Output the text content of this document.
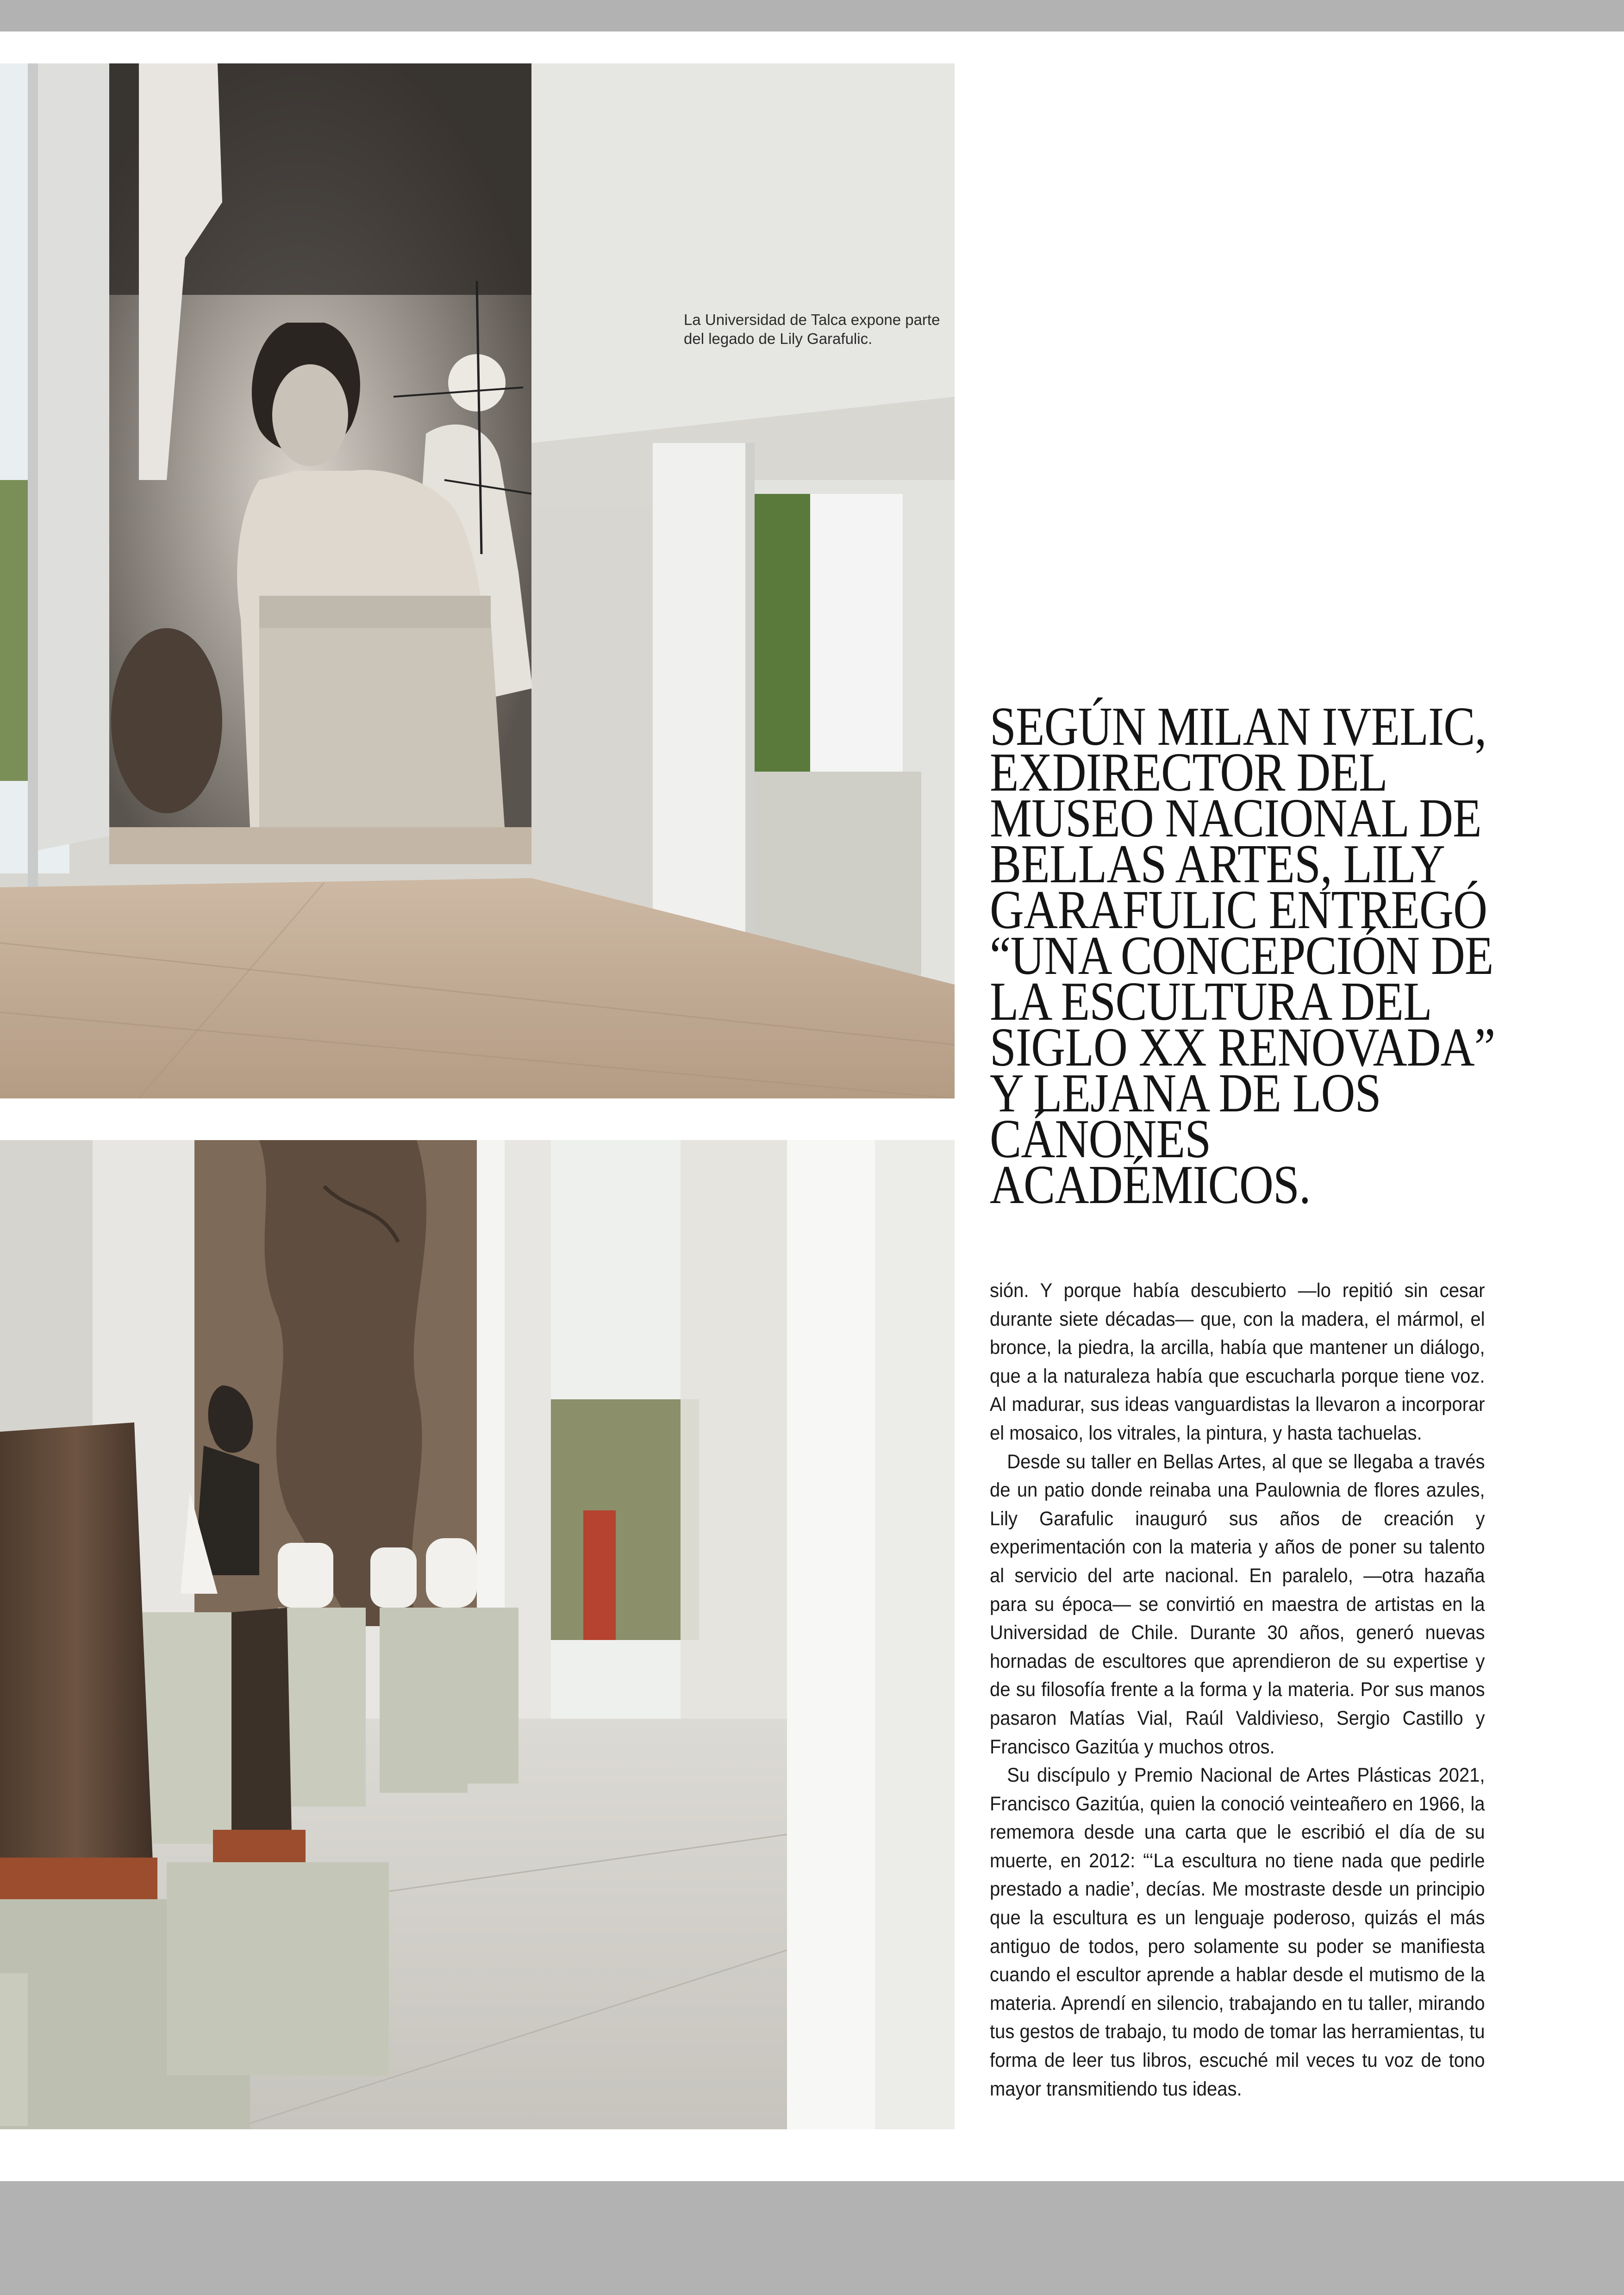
La Universidad de Talca expone parte del legado de Lily Garafulic.
SEGÚN MILAN IVELIC, EXDIRECTOR DEL MUSEO NACIONAL DE BELLAS ARTES, LILY GARAFULIC ENTREGÓ “UNA CONCEPCIÓN DE LA ESCULTURA DEL SIGLO XX RENOVADA” Y LEJANA DE LOS CÁNONES ACADÉMICOS.

sión. Y porque había descubierto —lo repitió sin cesar durante siete décadas— que, con la madera, el mármol, el bronce, la piedra, la arcilla, había que mantener un diálogo, que a la naturaleza había que escucharla porque tiene voz. Al madurar, sus ideas vanguardistas la llevaron a incorporar el mosaico, los vitrales, la pintura, y hasta tachuelas.

Desde su taller en Bellas Artes, al que se llegaba a través de un patio donde reinaba una Paulownia de flores azules, Lily Garafulic inauguró sus años de creación y experimentación con la materia y años de poner su talento al servicio del arte nacional. En paralelo, —otra hazaña para su época— se convirtió en maestra de artistas en la Universidad de Chile. Durante 30 años, generó nuevas hornadas de escultores que aprendieron de su expertise y de su filosofía frente a la forma y la materia. Por sus manos pasaron Matías Vial, Raúl Valdivieso, Sergio Castillo y Francisco Gazitúa y muchos otros.

Su discípulo y Premio Nacional de Artes Plásticas 2021, Francisco Gazitúa, quien la conoció veinteañero en 1966, la rememora desde una carta que le escribió el día de su muerte, en 2012: “‘La escultura no tiene nada que pedirle prestado a nadie’, decías. Me mostraste desde un principio que la escultura es un lenguaje poderoso, quizás el más antiguo de todos, pero solamente su poder se manifiesta cuando el escultor aprende a hablar desde el mutismo de la materia. Aprendí en silencio, trabajando en tu taller, mirando tus gestos de trabajo, tu modo de tomar las herramientas, tu forma de leer tus libros, escuché mil veces tu voz de tono mayor transmitiendo tus ideas.
